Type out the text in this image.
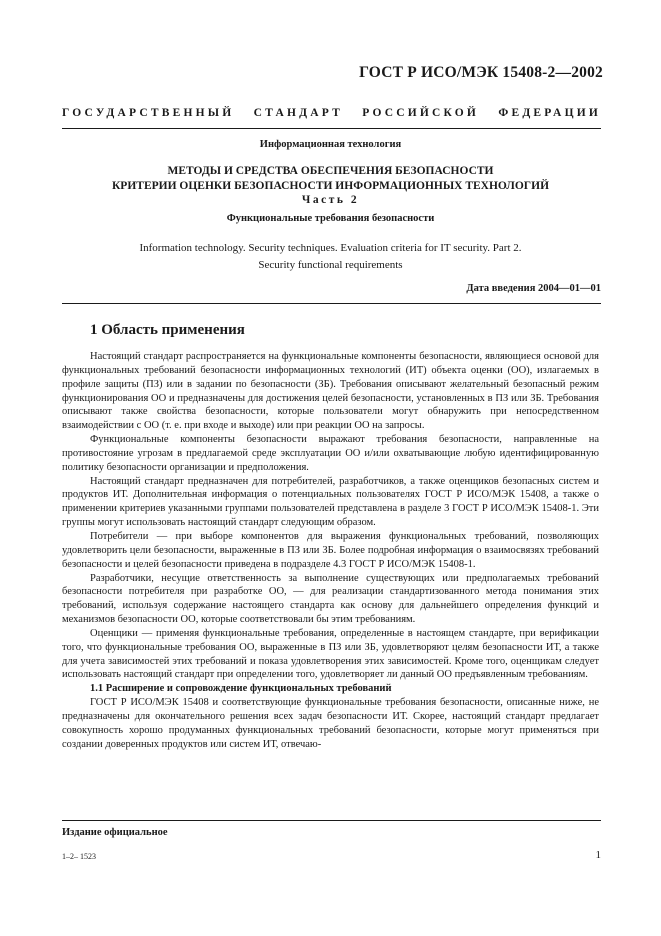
ГОСТ Р ИСО/МЭК 15408-2—2002
ГОСУДАРСТВЕННЫЙ СТАНДАРТ РОССИЙСКОЙ ФЕДЕРАЦИИ
Информационная технология
МЕТОДЫ И СРЕДСТВА ОБЕСПЕЧЕНИЯ БЕЗОПАСНОСТИ
КРИТЕРИИ ОЦЕНКИ БЕЗОПАСНОСТИ ИНФОРМАЦИОННЫХ ТЕХНОЛОГИЙ
Часть 2
Функциональные требования безопасности
Information technology. Security techniques. Evaluation criteria for IT security. Part 2.
Security functional requirements
Дата введения 2004—01—01
1 Область применения

Настоящий стандарт распространяется на функциональные компоненты безопасности, являющиеся основой для функциональных требований безопасности информационных технологий (ИТ) объекта оценки (ОО), излагаемых в профиле защиты (ПЗ) или в задании по безопасности (ЗБ). Требования описывают желательный безопасный режим функционирования ОО и предназначены для достижения целей безопасности, установленных в ПЗ или ЗБ. Требования описывают также свойства безопасности, которые пользователи могут обнаружить при непосредственном взаимодействии с ОО (т. е. при входе и выходе) или при реакции ОО на запросы.

Функциональные компоненты безопасности выражают требования безопасности, направленные на противостояние угрозам в предлагаемой среде эксплуатации ОО и/или охватывающие любую идентифицированную политику безопасности организации и предположения.

Настоящий стандарт предназначен для потребителей, разработчиков, а также оценщиков безопасных систем и продуктов ИТ. Дополнительная информация о потенциальных пользователях ГОСТ Р ИСО/МЭК 15408, а также о применении критериев указанными группами пользователей представлена в разделе 3 ГОСТ Р ИСО/МЭК 15408-1. Эти группы могут использовать настоящий стандарт следующим образом.

Потребители — при выборе компонентов для выражения функциональных требований, позволяющих удовлетворить цели безопасности, выраженные в ПЗ или ЗБ. Более подробная информация о взаимосвязях требований безопасности и целей безопасности приведена в подразделе 4.3 ГОСТ Р ИСО/МЭК 15408-1.

Разработчики, несущие ответственность за выполнение существующих или предполагаемых требований безопасности потребителя при разработке ОО, — для реализации стандартизованного метода понимания этих требований, используя содержание настоящего стандарта как основу для дальнейшего определения функций и механизмов безопасности ОО, которые соответствовали бы этим требованиям.

Оценщики — применяя функциональные требования, определенные в настоящем стандарте, при верификации того, что функциональные требования ОО, выраженные в ПЗ или ЗБ, удовлетворяют целям безопасности ИТ, а также для учета зависимостей этих требований и показа удовлетворения этих зависимостей. Кроме того, оценщикам следует использовать настоящий стандарт при определении того, удовлетворяет ли данный ОО предъявленным требованиям.

1.1 Расширение и сопровождение функциональных требований

ГОСТ Р ИСО/МЭК 15408 и соответствующие функциональные требования безопасности, описанные ниже, не предназначены для окончательного решения всех задач безопасности ИТ. Скорее, настоящий стандарт предлагает совокупность хорошо продуманных функциональных требований безопасности, которые могут применяться при создании доверенных продуктов или систем ИТ, отвечаю-

Издание официальное
1–2– 1523	1
